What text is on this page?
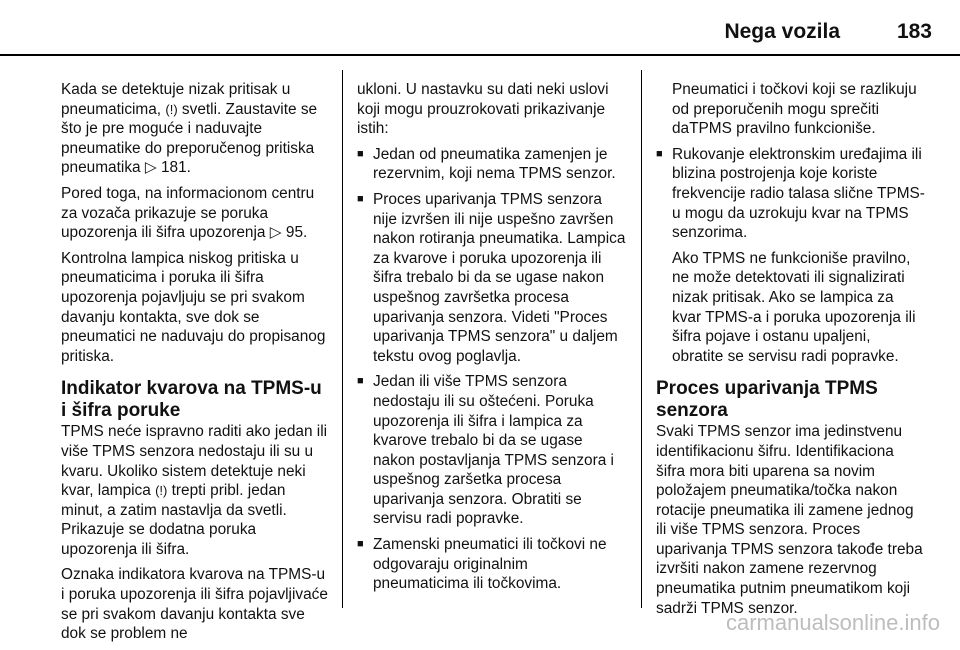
Nega vozila	183

Kada se detektuje nizak pritisak u pneumaticima, (!) svetli. Zaustavite se što je pre moguće i naduvajte pneumatike do preporučenog pritiska pneumatika ▷ 181.

Pored toga, na informacionom centru za vozača prikazuje se poruka upozorenja ili šifra upozorenja ▷ 95.

Kontrolna lampica niskog pritiska u pneumaticima i poruka ili šifra upozorenja pojavljuju se pri svakom davanju kontakta, sve dok se pneumatici ne naduvaju do propisanog pritiska.

Indikator kvarova na TPMS-u i šifra poruke

TPMS neće ispravno raditi ako jedan ili više TPMS senzora nedostaju ili su u kvaru. Ukoliko sistem detektuje neki kvar, lampica (!) trepti pribl. jedan minut, a zatim nastavlja da svetli. Prikazuje se dodatna poruka upozorenja ili šifra.

Oznaka indikatora kvarova na TPMS-u i poruka upozorenja ili šifra pojavljivaće se pri svakom davanju kontakta sve dok se problem ne

ukloni. U nastavku su dati neki uslovi koji mogu prouzrokovati prikazivanje istih:

■ Jedan od pneumatika zamenjen je rezervnim, koji nema TPMS senzor.
■ Proces uparivanja TPMS senzora nije izvršen ili nije uspešno završen nakon rotiranja pneumatika. Lampica za kvarove i poruka upozorenja ili šifra trebalo bi da se ugase nakon uspešnog završetka procesa uparivanja senzora. Videti "Proces uparivanja TPMS senzora" u daljem tekstu ovog poglavlja.
■ Jedan ili više TPMS senzora nedostaju ili su oštećeni. Poruka upozorenja ili šifra i lampica za kvarove trebalo bi da se ugase nakon postavljanja TPMS senzora i uspešnog zaršetka procesa uparivanja senzora. Obratiti se servisu radi popravke.
■ Zamenski pneumatici ili točkovi ne odgovaraju originalnim pneumaticima ili točkovima.

Pneumatici i točkovi koji se razlikuju od preporučenih mogu sprečiti daTPMS pravilno funkcioniše.

■ Rukovanje elektronskim uređajima ili blizina postrojenja koje koriste frekvencije radio talasa slične TPMS-u mogu da uzrokuju kvar na TPMS senzorima.

Ako TPMS ne funkcioniše pravilno, ne može detektovati ili signalizirati nizak pritisak. Ako se lampica za kvar TPMS-a i poruka upozorenja ili šifra pojave i ostanu upaljeni, obratite se servisu radi popravke.

Proces uparivanja TPMS senzora

Svaki TPMS senzor ima jedinstvenu identifikacionu šifru. Identifikaciona šifra mora biti uparena sa novim položajem pneumatika/točka nakon rotacije pneumatika ili zamene jednog ili više TPMS senzora. Proces uparivanja TPMS senzora takođe treba izvršiti nakon zamene rezervnog pneumatika putnim pneumatikom koji sadrži TPMS senzor.

carmanualsonline.info
